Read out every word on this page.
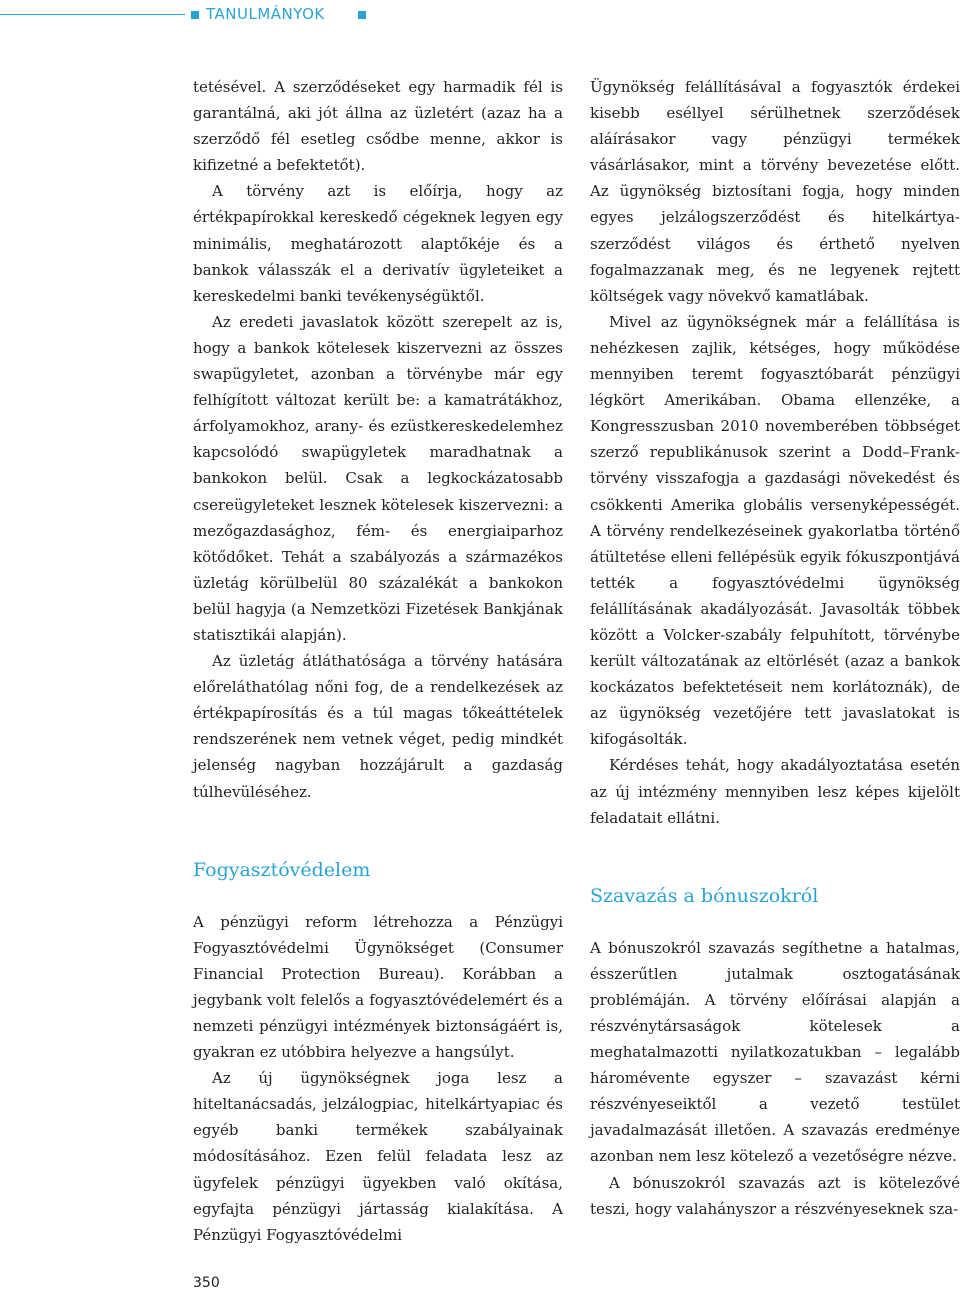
TANULMÁNYOK

tetésével. A szerződéseket egy harmadik fél is garantálná, aki jót állna az üzletért (azaz ha a szerződő fél esetleg csődbe menne, akkor is kifizetné a befektetőt).

A törvény azt is előírja, hogy az értékpapírokkal kereskedő cégeknek legyen egy minimális, meghatározott alaptőkéje és a bankok válasszák el a derivatív ügyleteiket a kereskedelmi banki tevékenységüktől.

Az eredeti javaslatok között szerepelt az is, hogy a bankok kötelesek kiszervezni az összes swapügyletet, azonban a törvénybe már egy felhígított változat került be: a kamatrátákhoz, árfolyamokhoz, arany- és ezüstkereskedelemhez kapcsolódó swapügyletek maradhatnak a bankokon belül. Csak a legkockázatosabb csereügyleteket lesznek kötelesek kiszervezni: a mezőgazdasághoz, fém- és energiaiparhoz kötődőket. Tehát a szabályozás a származékos üzletág körülbelül 80 százalékát a bankokon belül hagyja (a Nemzetközi Fizetések Bankjának statisztikái alapján).

Az üzletág átláthatósága a törvény hatására előreláthatólag nőni fog, de a rendelkezések az értékpapírosítás és a túl magas tőkeáttételek rendszerének nem vetnek véget, pedig mindkét jelenség nagyban hozzájárult a gazdaság túlhevüléséhez.

Fogyasztóvédelem

A pénzügyi reform létrehozza a Pénzügyi Fogyasztóvédelmi Ügynökséget (Consumer Financial Protection Bureau). Korábban a jegybank volt felelős a fogyasztóvédelemért és a nemzeti pénzügyi intézmények biztonságáért is, gyakran ez utóbbira helyezve a hangsúlyt.

Az új ügynökségnek joga lesz a hiteltanácsadás, jelzálogpiac, hitelkártyapiac és egyéb banki termékek szabályainak módosításához. Ezen felül feladata lesz az ügyfelek pénzügyi ügyekben való okítása, egyfajta pénzügyi jártasság kialakítása. A Pénzügyi Fogyasztóvédelmi

Ügynökség felállításával a fogyasztók érdekei kisebb eséllyel sérülhetnek szerződések aláírásakor vagy pénzügyi termékek vásárlásakor, mint a törvény bevezetése előtt. Az ügynökség biztosítani fogja, hogy minden egyes jelzálogszerződést és hitelkártya-szerződést világos és érthető nyelven fogalmazzanak meg, és ne legyenek rejtett költségek vagy növekvő kamatlábak.

Mivel az ügynökségnek már a felállítása is nehézkesen zajlik, kétséges, hogy működése mennyiben teremt fogyasztóbarát pénzügyi légkört Amerikában. Obama ellenzéke, a Kongresszusban 2010 novemberében többséget szerző republikánusok szerint a Dodd–Frank-törvény visszafogja a gazdasági növekedést és csökkenti Amerika globális versenyképességét. A törvény rendelkezéseinek gyakorlatba történő átültetése elleni fellépésük egyik fókuszpontjává tették a fogyasztóvédelmi ügynökség felállításának akadályozását. Javasolták többek között a Volcker-szabály felpuhított, törvénybe került változatának az eltörlését (azaz a bankok kockázatos befektetéseit nem korlátoznák), de az ügynökség vezetőjére tett javaslatokat is kifogásolták.

Kérdéses tehát, hogy akadályoztatása esetén az új intézmény mennyiben lesz képes kijelölt feladatait ellátni.

Szavazás a bónuszokról

A bónuszokról szavazás segíthetne a hatalmas, ésszerűtlen jutalmak osztogatásának problémáján. A törvény előírásai alapján a részvénytársaságok kötelesek a meghatalmazotti nyilatkozatukban – legalább háromévente egyszer – szavazást kérni részvényeseiktől a vezető testület javadalmazását illetően. A szavazás eredménye azonban nem lesz kötelező a vezetőségre nézve.

A bónuszokról szavazás azt is kötelezővé teszi, hogy valahányszor a részvényeseknek sza-

350
